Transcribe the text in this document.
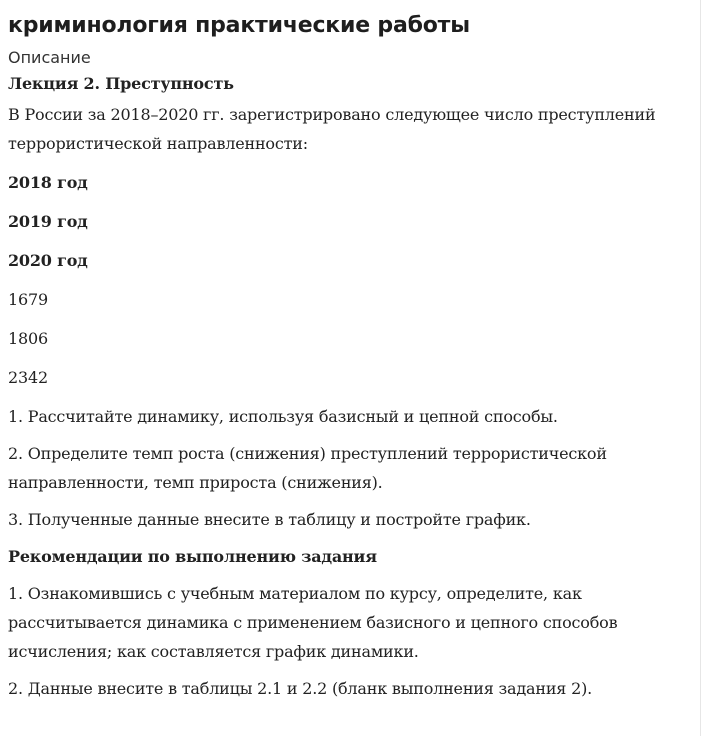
криминология практические работы
Описание

Лекция 2. Преступность

В России за 2018–2020 гг. зарегистрировано следующее число преступлений террористической направленности:

2018 год

2019 год

2020 год

1679

1806

2342

1. Рассчитайте динамику, используя базисный и цепной способы.

2. Определите темп роста (снижения) преступлений террористической направленности, темп прироста (снижения).

3. Полученные данные внесите в таблицу и постройте график.

Рекомендации по выполнению задания

1. Ознакомившись с учебным материалом по курсу, определите, как рассчитывается динамика с применением базисного и цепного способов исчисления; как составляется график динамики.

2. Данные внесите в таблицы 2.1 и 2.2 (бланк выполнения задания 2).
